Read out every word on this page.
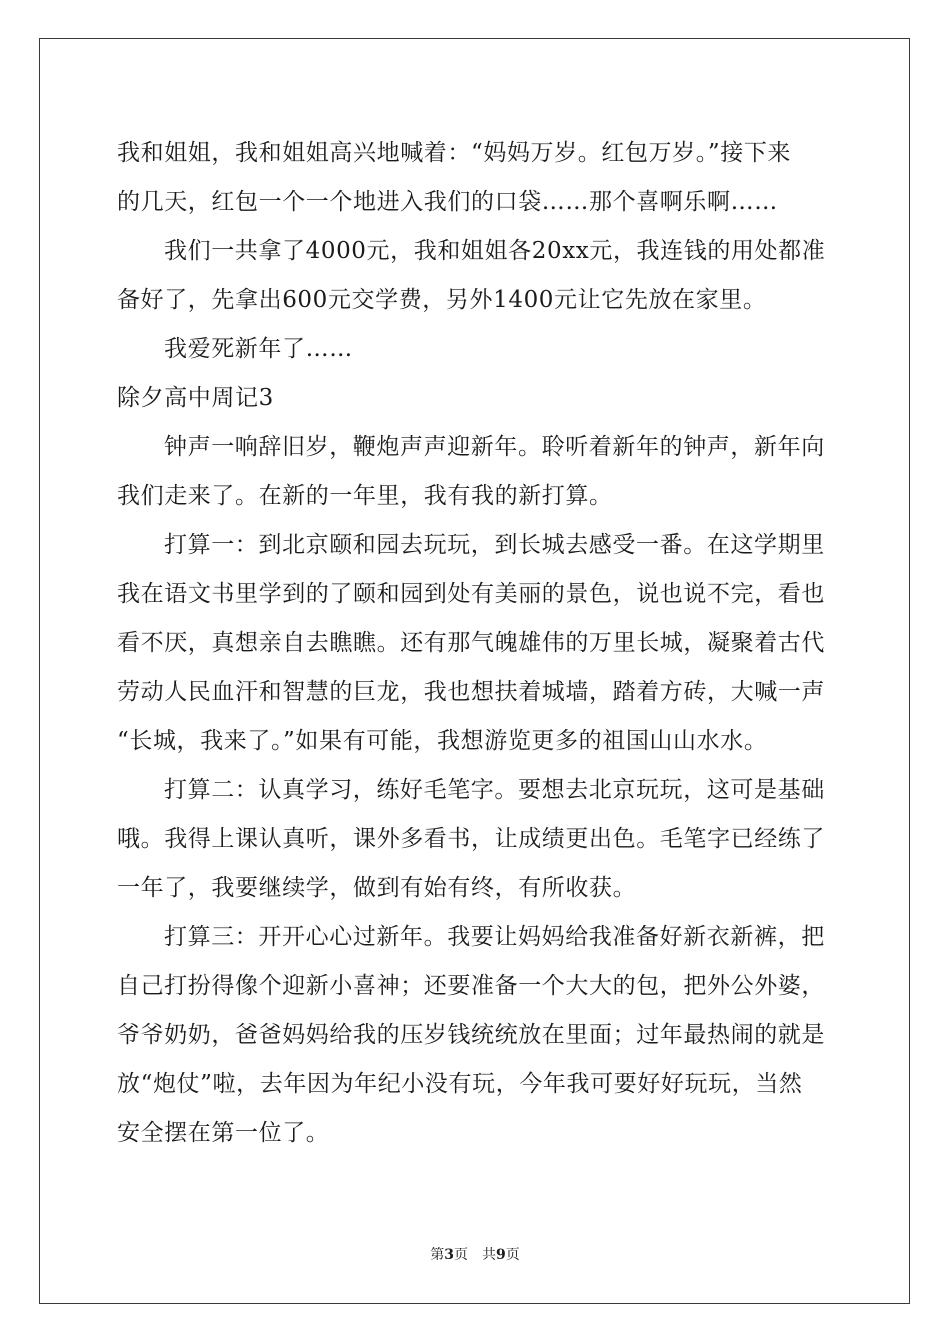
我和姐姐，我和姐姐高兴地喊着：“妈妈万岁。红包万岁。”接下来
的几天，红包一个一个地进入我们的口袋……那个喜啊乐啊……
我们一共拿了4000元，我和姐姐各20xx元，我连钱的用处都准
备好了，先拿出600元交学费，另外1400元让它先放在家里。
我爱死新年了……
除夕高中周记3
钟声一响辞旧岁，鞭炮声声迎新年。聆听着新年的钟声，新年向
我们走来了。在新的一年里，我有我的新打算。
打算一：到北京颐和园去玩玩，到长城去感受一番。在这学期里
我在语文书里学到的了颐和园到处有美丽的景色，说也说不完，看也
看不厌，真想亲自去瞧瞧。还有那气魄雄伟的万里长城，凝聚着古代
劳动人民血汗和智慧的巨龙，我也想扶着城墙，踏着方砖，大喊一声
“长城，我来了。”如果有可能，我想游览更多的祖国山山水水。
打算二：认真学习，练好毛笔字。要想去北京玩玩，这可是基础
哦。我得上课认真听，课外多看书，让成绩更出色。毛笔字已经练了
一年了，我要继续学，做到有始有终，有所收获。
打算三：开开心心过新年。我要让妈妈给我准备好新衣新裤，把
自己打扮得像个迎新小喜神；还要准备一个大大的包，把外公外婆，
爷爷奶奶，爸爸妈妈给我的压岁钱统统放在里面；过年最热闹的就是
放“炮仗”啦，去年因为年纪小没有玩，今年我可要好好玩玩，当然
安全摆在第一位了。
第3页 共9页
